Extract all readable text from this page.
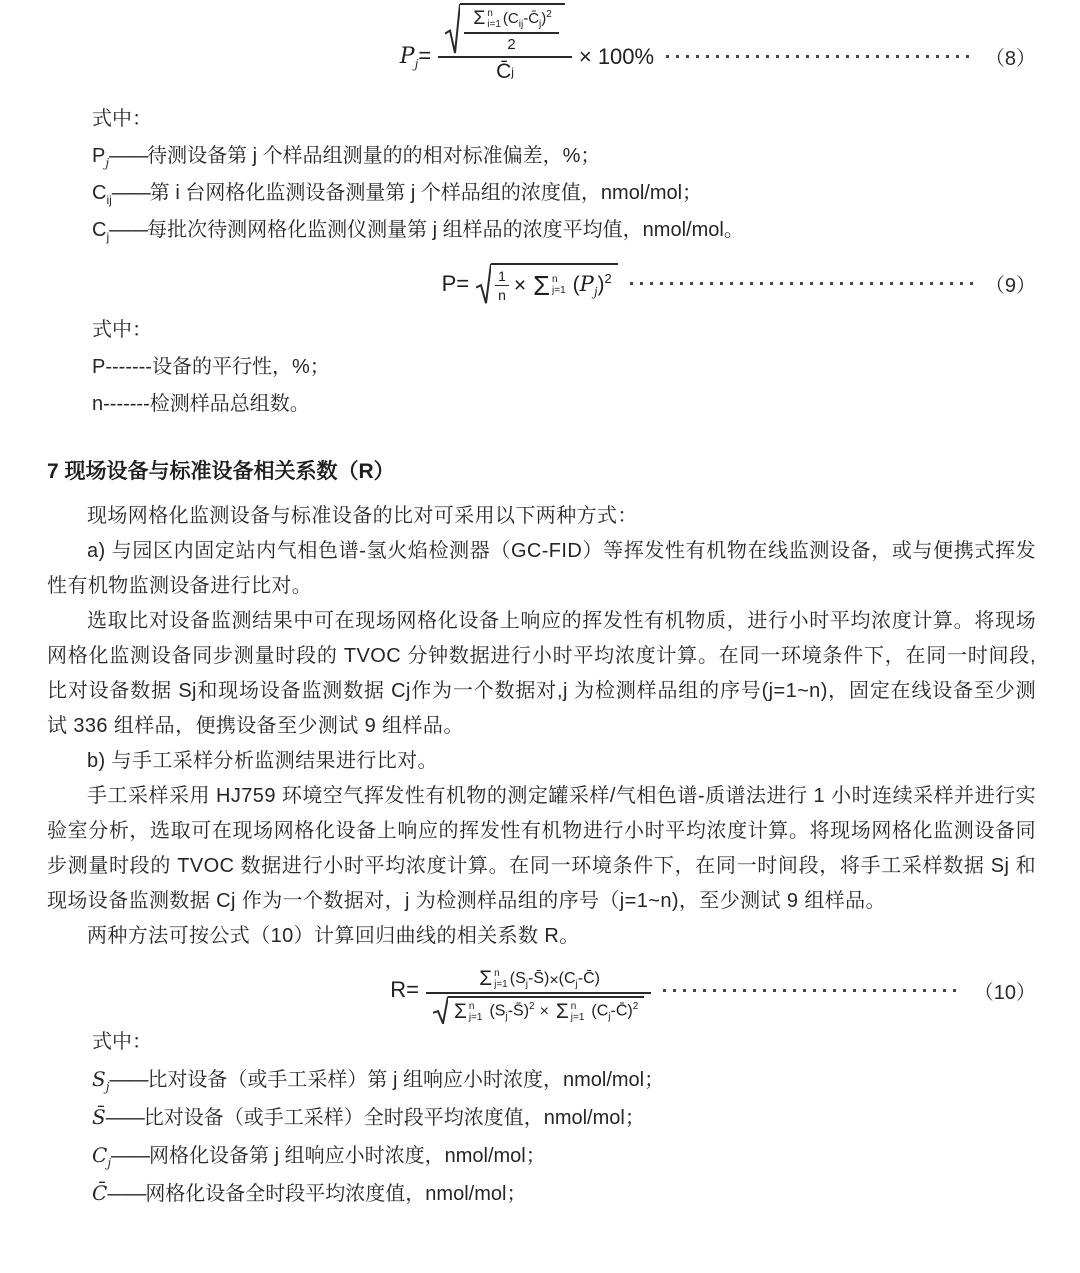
$P_j=$
Σ n
i=1 $(C_{ij}-C̄_j)^2$
2
C̄ j
× 100%	（8）
式中：
$P_j——$待测设备第 j 个样品组测量的的相对标准偏差，%；
$C_{ij}——$第 i 台网格化监测设备测量第 j 个样品组的浓度值，nmol/mol；
$C_j——$每批次待测网格化监测仪测量第 j 组样品的浓度平均值，nmol/mol。
$P= \frac{1}{n} \times \Sigma$ n
j=1 $(P_j)^2$	（9）
式中：
P-------设备的平行性，%；
n-------检测样品总组数。
7 现场设备与标准设备相关系数（R）

现场网格化监测设备与标准设备的比对可采用以下两种方式：

a) 与园区内固定站内气相色谱-氢火焰检测器（GC-FID）等挥发性有机物在线监测设备，或与便携式挥发性有机物监测设备进行比对。

选取比对设备监测结果中可在现场网格化设备上响应的挥发性有机物质，进行小时平均浓度计算。将现场网格化监测设备同步测量时段的 TVOC 分钟数据进行小时平均浓度计算。在同一环境条件下，在同一时间段,比对设备数据 Sj和现场设备监测数据 Cj作为一个数据对,j 为检测样品组的序号(j=1~n)，固定在线设备至少测试 336 组样品，便携设备至少测试 9 组样品。

b) 与手工采样分析监测结果进行比对。

手工采样采用 HJ759 环境空气挥发性有机物的测定罐采样/气相色谱-质谱法进行 1 小时连续采样并进行实验室分析，选取可在现场网格化设备上响应的挥发性有机物进行小时平均浓度计算。将现场网格化监测设备同步测量时段的 TVOC 数据进行小时平均浓度计算。在同一环境条件下，在同一时间段，将手工采样数据 Sj 和现场设备监测数据 Cj 作为一个数据对，j 为检测样品组的序号（j=1~n)，至少测试 9 组样品。

两种方法可按公式（10）计算回归曲线的相关系数 R。

R=	Σ n
j=1 $(S_j-S̄)$ × $(C_j-C̄)$
Σ n
j=1 $(S_j-S̄)^2 \times \Sigma$ n
j=1 $(C_j-C̄)^2$
（10）
式中：
$S_j——$比对设备（或手工采样）第 j 组响应小时浓度，nmol/mol；
S̄——比对设备（或手工采样）全时段平均浓度值，nmol/mol；
$C_j——$网格化设备第 j 组响应小时浓度，nmol/mol；
C̄——网格化设备全时段平均浓度值，nmol/mol；
